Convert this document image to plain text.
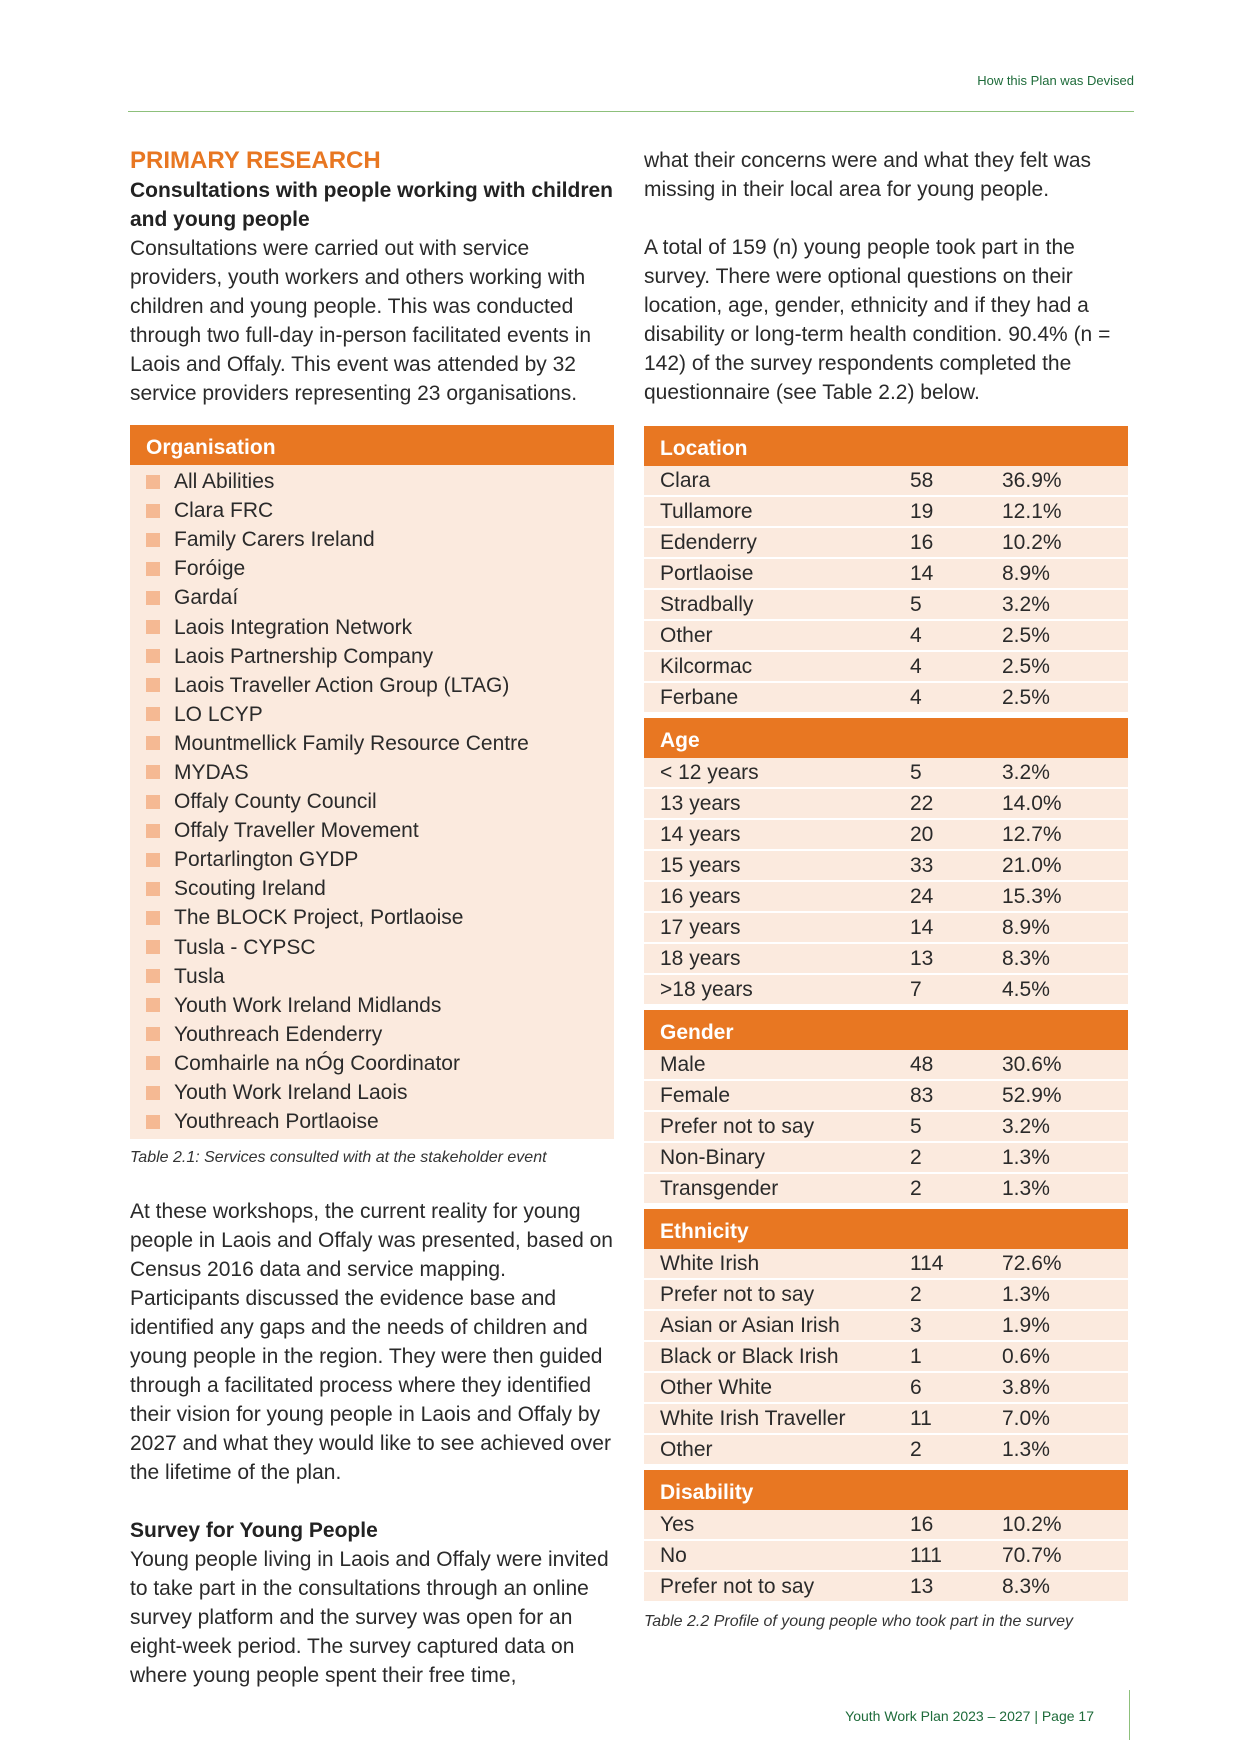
How this Plan was Devised
PRIMARY RESEARCH
Consultations with people working with children and young people
Consultations were carried out with service providers, youth workers and others working with children and young people. This was conducted through two full-day in-person facilitated events in Laois and Offaly. This event was attended by 32 service providers representing 23 organisations.
Organisation
All Abilities
Clara FRC
Family Carers Ireland
Foróige
Gardaí
Laois Integration Network
Laois Partnership Company
Laois Traveller Action Group (LTAG)
LO LCYP
Mountmellick Family Resource Centre
MYDAS
Offaly County Council
Offaly Traveller Movement
Portarlington GYDP
Scouting Ireland
The BLOCK Project, Portlaoise
Tusla - CYPSC
Tusla
Youth Work Ireland Midlands
Youthreach Edenderry
Comhairle na nÓg Coordinator
Youth Work Ireland Laois
Youthreach Portlaoise
Table 2.1: Services consulted with at the stakeholder event
At these workshops, the current reality for young people in Laois and Offaly was presented, based on Census 2016 data and service mapping. Participants discussed the evidence base and identified any gaps and the needs of children and young people in the region. They were then guided through a facilitated process where they identified their vision for young people in Laois and Offaly by 2027 and what they would like to see achieved over the lifetime of the plan.
Survey for Young People
Young people living in Laois and Offaly were invited to take part in the consultations through an online survey platform and the survey was open for an eight-week period. The survey captured data on where young people spent their free time,
what their concerns were and what they felt was missing in their local area for young people.
A total of 159 (n) young people took part in the survey. There were optional questions on their location, age, gender, ethnicity and if they had a disability or long-term health condition. 90.4% (n = 142) of the survey respondents completed the questionnaire (see Table 2.2) below.
Location
Clara	58	36.9%
Tullamore	19	12.1%
Edenderry	16	10.2%
Portlaoise	14	8.9%
Stradbally	5	3.2%
Other	4	2.5%
Kilcormac	4	2.5%
Ferbane	4	2.5%
Age
< 12 years	5	3.2%
13 years	22	14.0%
14 years	20	12.7%
15 years	33	21.0%
16 years	24	15.3%
17 years	14	8.9%
18 years	13	8.3%
>18 years	7	4.5%
Gender
Male	48	30.6%
Female	83	52.9%
Prefer not to say	5	3.2%
Non-Binary	2	1.3%
Transgender	2	1.3%
Ethnicity
White Irish	114	72.6%
Prefer not to say	2	1.3%
Asian or Asian Irish	3	1.9%
Black or Black Irish	1	0.6%
Other White	6	3.8%
White Irish Traveller	11	7.0%
Other	2	1.3%
Disability
Yes	16	10.2%
No	111	70.7%
Prefer not to say	13	8.3%
Table 2.2 Profile of young people who took part in the survey
Youth Work Plan 2023 – 2027 | Page 17
